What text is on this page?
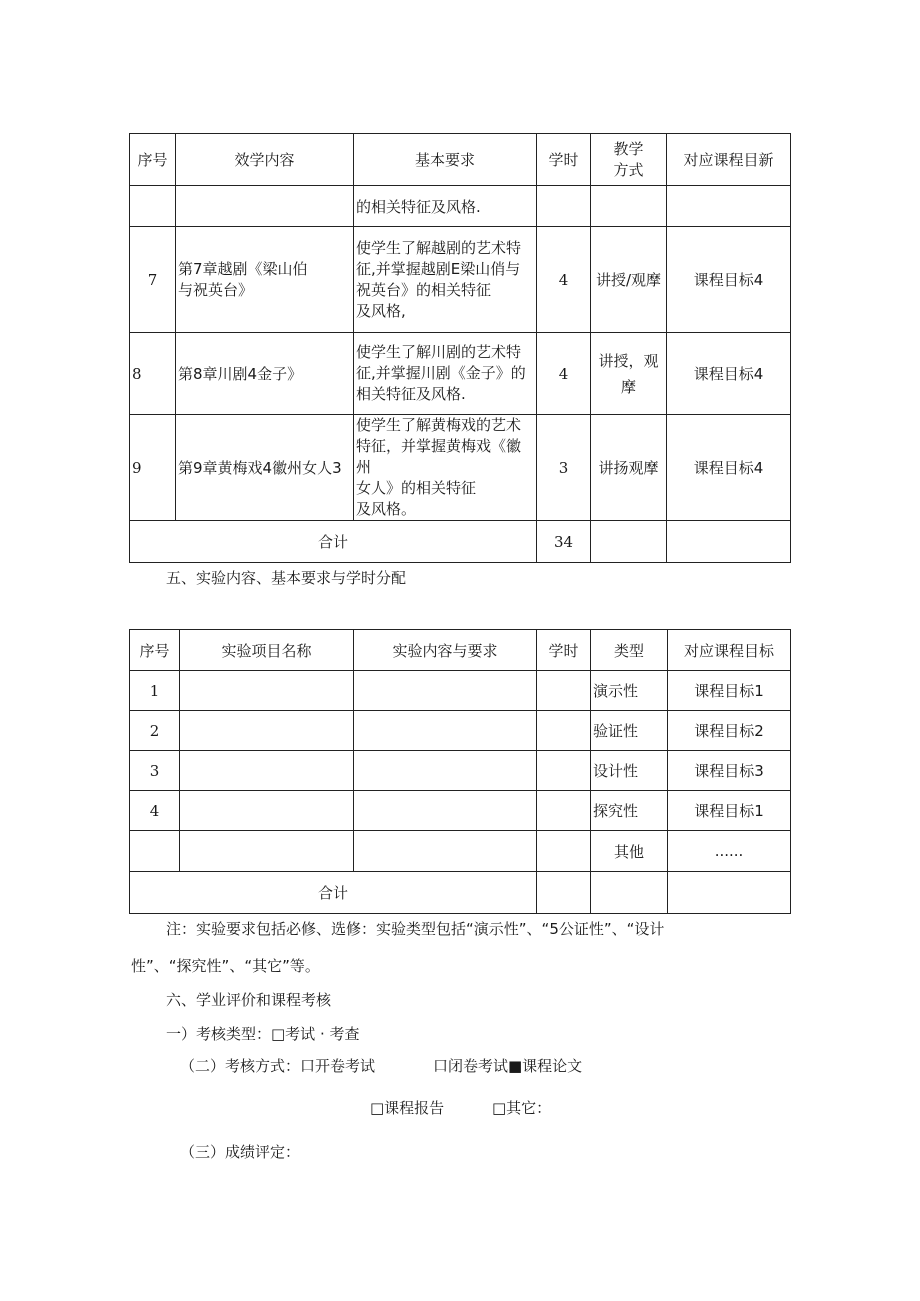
序号	效学内容	基本要求	学时	教学
方式	对应课程目新
		的相关特征及风格.			
7	第7章越剧《梁山伯
与祝英台》	使学生了解越剧的艺术特
征,并掌握越剧E梁山俏与
祝英台》的相关特征
及风格,	4	讲授/观摩	课程目标4
8	第8章川剧4金子》	使学生了解川剧的艺术特
征,并掌握川剧《金子》的
相关特征及风格.	4	讲授，观
摩	课程目标4
9	第9章黄梅戏4徽州女人3	使学生了解黄梅戏的艺术
特征，并掌握黄梅戏《徽州
女人》的相关特征
及风格。	3	讲扬观摩	课程目标4
合计			34		
五、实验内容、基本要求与学时分配
序号	实验项目名称	实验内容与要求	学时	类型	对应课程目标
1				演示性	课程目标1
2				验证性	课程目标2
3				设计性	课程目标3
4				探究性	课程目标1
				其他	......
合计					
注：实验要求包括必修、选修：实验类型包括“演示性”、“5公证性”、“设计
性”、“探究性”、“其它”等。
六、学业评价和课程考核
一）考核类型：□考试 · 考查
（二）考核方式：口开卷考试	口闭卷考试■课程论文
□课程报告	□其它：
（三）成绩评定：
